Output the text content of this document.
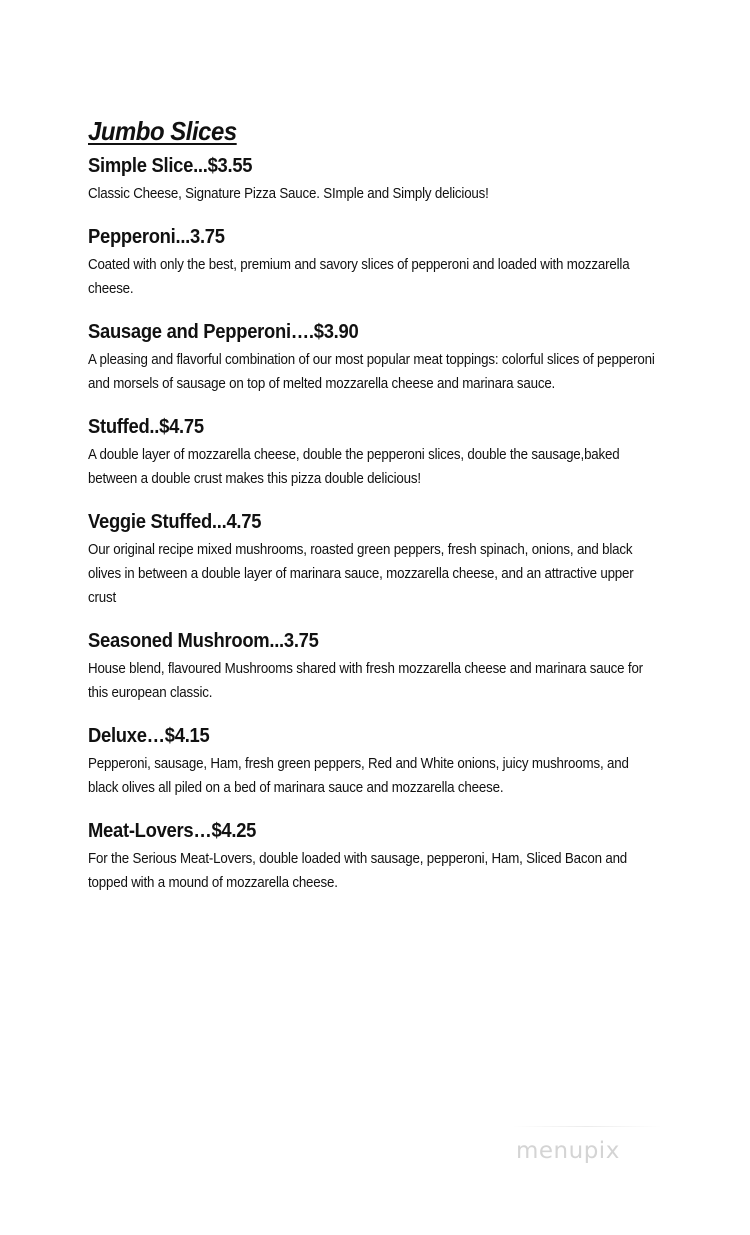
Jumbo Slices

Simple Slice...$3.55

Classic Cheese, Signature Pizza Sauce. SImple and Simply delicious!

Pepperoni...3.75

Coated with only the best, premium and savory slices of pepperoni and loaded with mozzarella cheese.

Sausage and Pepperoni….$3.90

A pleasing and flavorful combination of our most popular meat toppings: colorful slices of pepperoni and morsels of sausage on top of melted mozzarella cheese and marinara sauce.

Stuffed..$4.75

A double layer of mozzarella cheese, double the pepperoni slices, double the sausage,baked between a double crust makes this pizza double delicious!

Veggie Stuffed...4.75

Our original recipe mixed mushrooms, roasted green peppers, fresh spinach, onions, and black olives in between a double layer of marinara sauce, mozzarella cheese, and an attractive upper crust

Seasoned Mushroom...3.75

House blend, flavoured Mushrooms shared with fresh mozzarella cheese and marinara sauce for this european classic.

Deluxe…$4.15

Pepperoni, sausage, Ham, fresh green peppers, Red and White onions, juicy mushrooms, and black olives all piled on a bed of marinara sauce and mozzarella cheese.

Meat-Lovers…$4.25

For the Serious Meat-Lovers, double loaded with sausage, pepperoni, Ham, Sliced Bacon and topped with a mound of mozzarella cheese.

menupix
